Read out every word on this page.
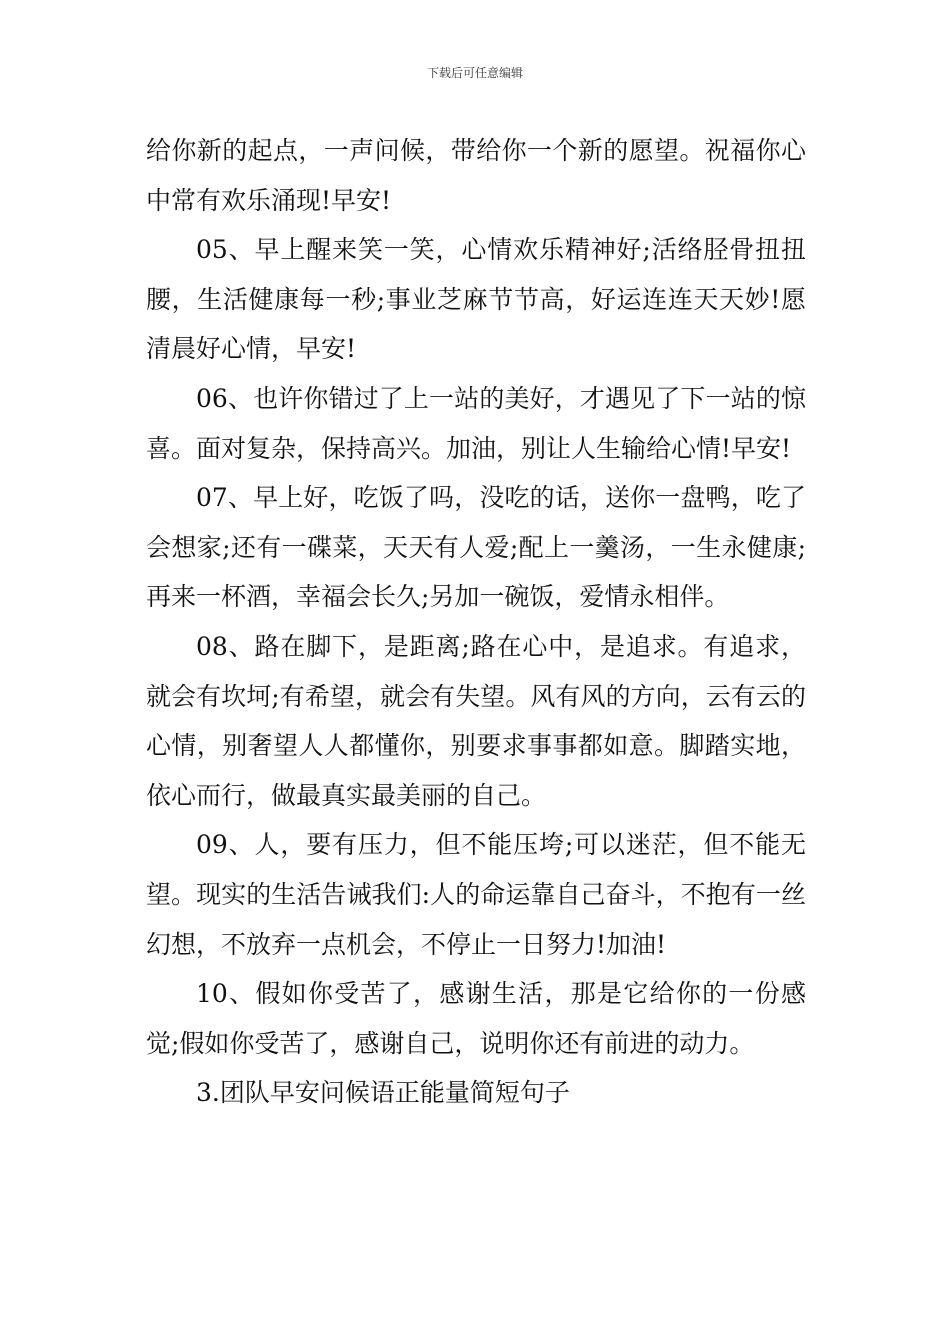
下载后可任意编辑

给你新的起点，一声问候，带给你一个新的愿望。祝福你心中常有欢乐涌现!早安!

05、早上醒来笑一笑，心情欢乐精神好;活络胫骨扭扭腰，生活健康每一秒;事业芝麻节节高，好运连连天天妙!愿清晨好心情，早安!

06、也许你错过了上一站的美好，才遇见了下一站的惊喜。面对复杂，保持高兴。加油，别让人生输给心情!早安!

07、早上好，吃饭了吗，没吃的话，送你一盘鸭，吃了会想家;还有一碟菜，天天有人爱;配上一羹汤，一生永健康;再来一杯酒，幸福会长久;另加一碗饭，爱情永相伴。

08、路在脚下，是距离;路在心中，是追求。有追求，就会有坎坷;有希望，就会有失望。风有风的方向，云有云的心情，别奢望人人都懂你，别要求事事都如意。脚踏实地，依心而行，做最真实最美丽的自己。

09、人，要有压力，但不能压垮;可以迷茫，但不能无望。现实的生活告诫我们:人的命运靠自己奋斗，不抱有一丝幻想，不放弃一点机会，不停止一日努力!加油!

10、假如你受苦了，感谢生活，那是它给你的一份感觉;假如你受苦了，感谢自己，说明你还有前进的动力。

3.团队早安问候语正能量简短句子
